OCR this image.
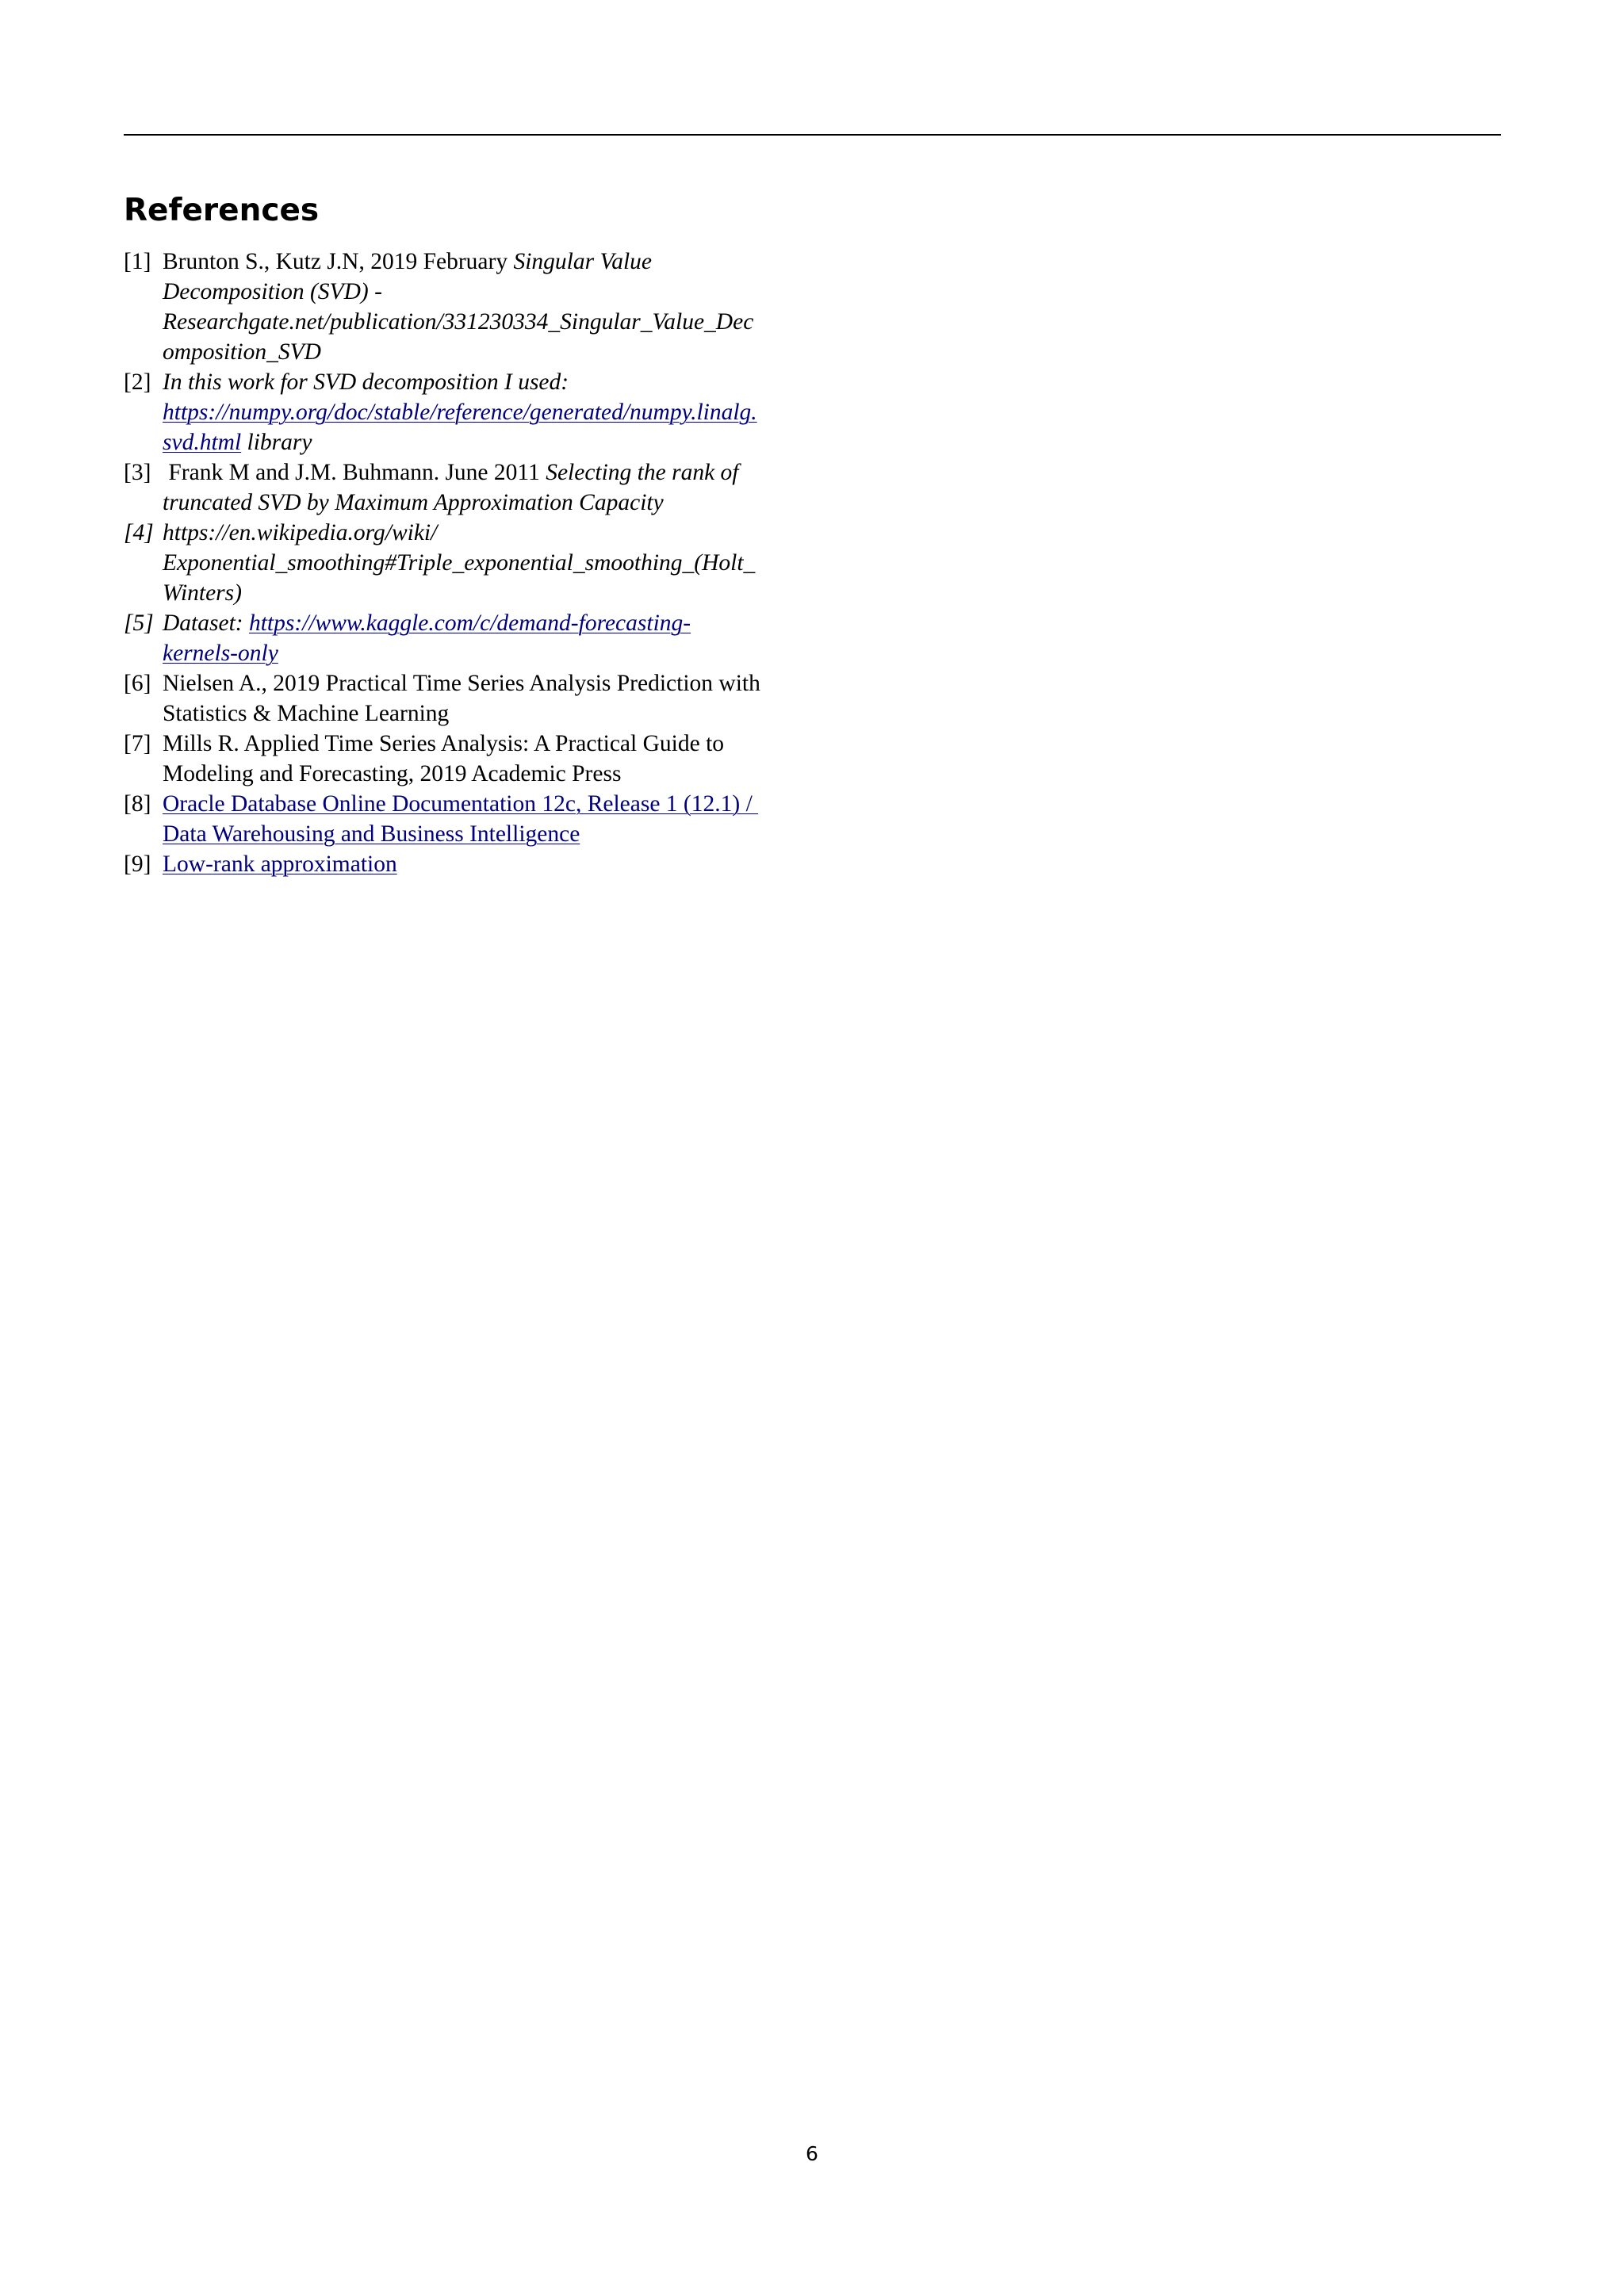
References
[1] Brunton S., Kutz J.N, 2019 February Singular Value
Decomposition (SVD) -
Researchgate.net/publication/331230334_Singular_Value_Dec
omposition_SVD
[2] In this work for SVD decomposition I used:
https://numpy.org/doc/stable/reference/generated/numpy.linalg.
svd.html library
[3] Frank M and J.M. Buhmann. June 2011 Selecting the rank of
truncated SVD by Maximum Approximation Capacity
[4] https://en.wikipedia.org/wiki/
Exponential_smoothing#Triple_exponential_smoothing_(Holt_
Winters)
[5] Dataset: https://www.kaggle.com/c/demand-forecasting-
kernels-only
[6] Nielsen A., 2019 Practical Time Series Analysis Prediction with
Statistics & Machine Learning
[7] Mills R. Applied Time Series Analysis: A Practical Guide to
Modeling and Forecasting, 2019 Academic Press
[8] Oracle Database Online Documentation 12c, Release 1 (12.1) /
Data Warehousing and Business Intelligence
[9] Low-rank approximation
6
